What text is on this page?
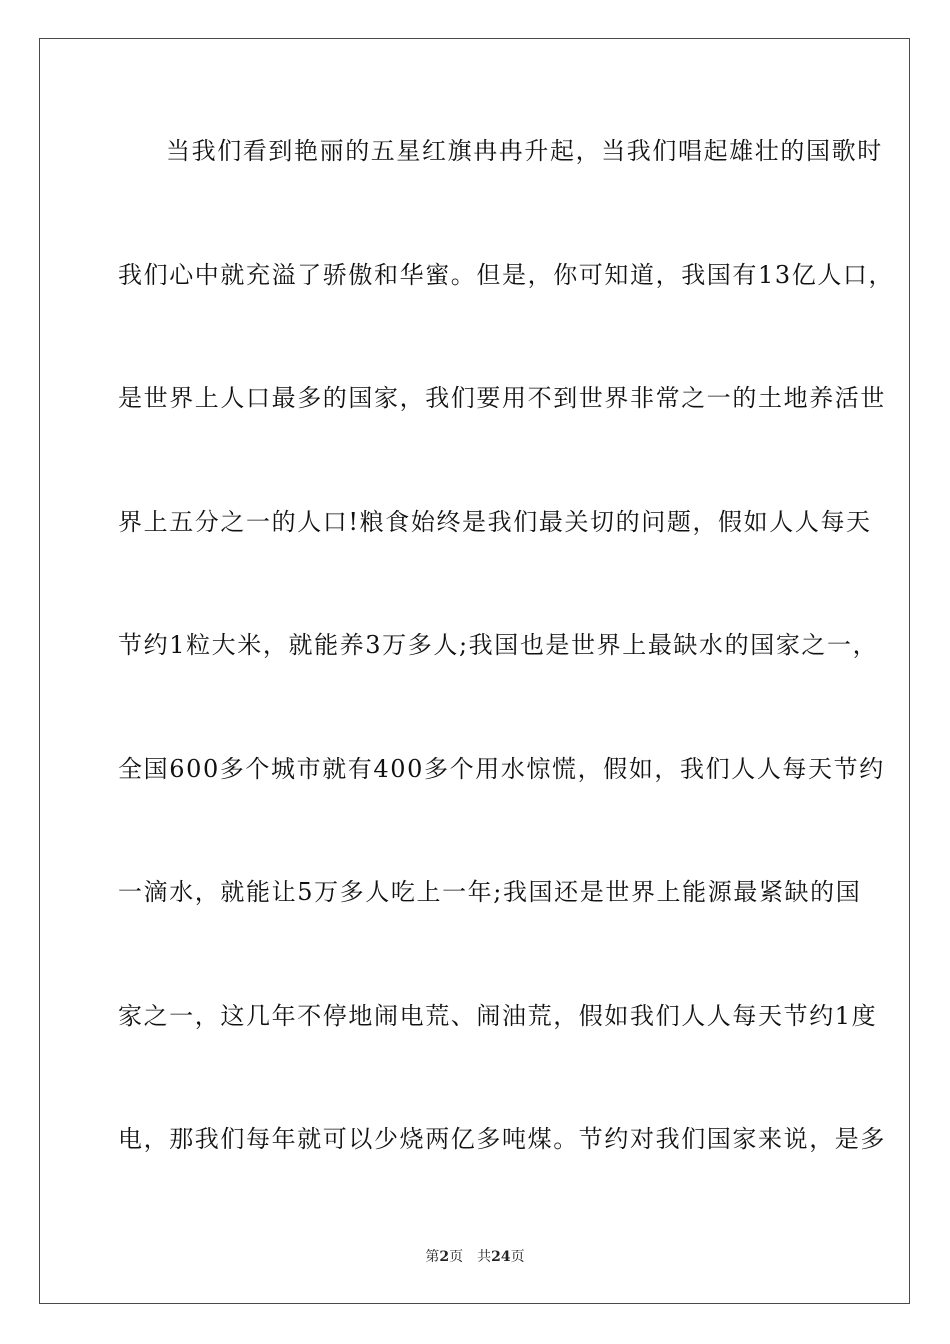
当我们看到艳丽的五星红旗冉冉升起，当我们唱起雄壮的国歌时
我们心中就充溢了骄傲和华蜜。但是，你可知道，我国有13亿人口，
是世界上人口最多的国家，我们要用不到世界非常之一的土地养活世
界上五分之一的人口!粮食始终是我们最关切的问题，假如人人每天
节约1粒大米，就能养3万多人;我国也是世界上最缺水的国家之一，
全国600多个城市就有400多个用水惊慌，假如，我们人人每天节约
一滴水，就能让5万多人吃上一年;我国还是世界上能源最紧缺的国
家之一，这几年不停地闹电荒、闹油荒，假如我们人人每天节约1度
电，那我们每年就可以少烧两亿多吨煤。节约对我们国家来说，是多
第2页 共24页
